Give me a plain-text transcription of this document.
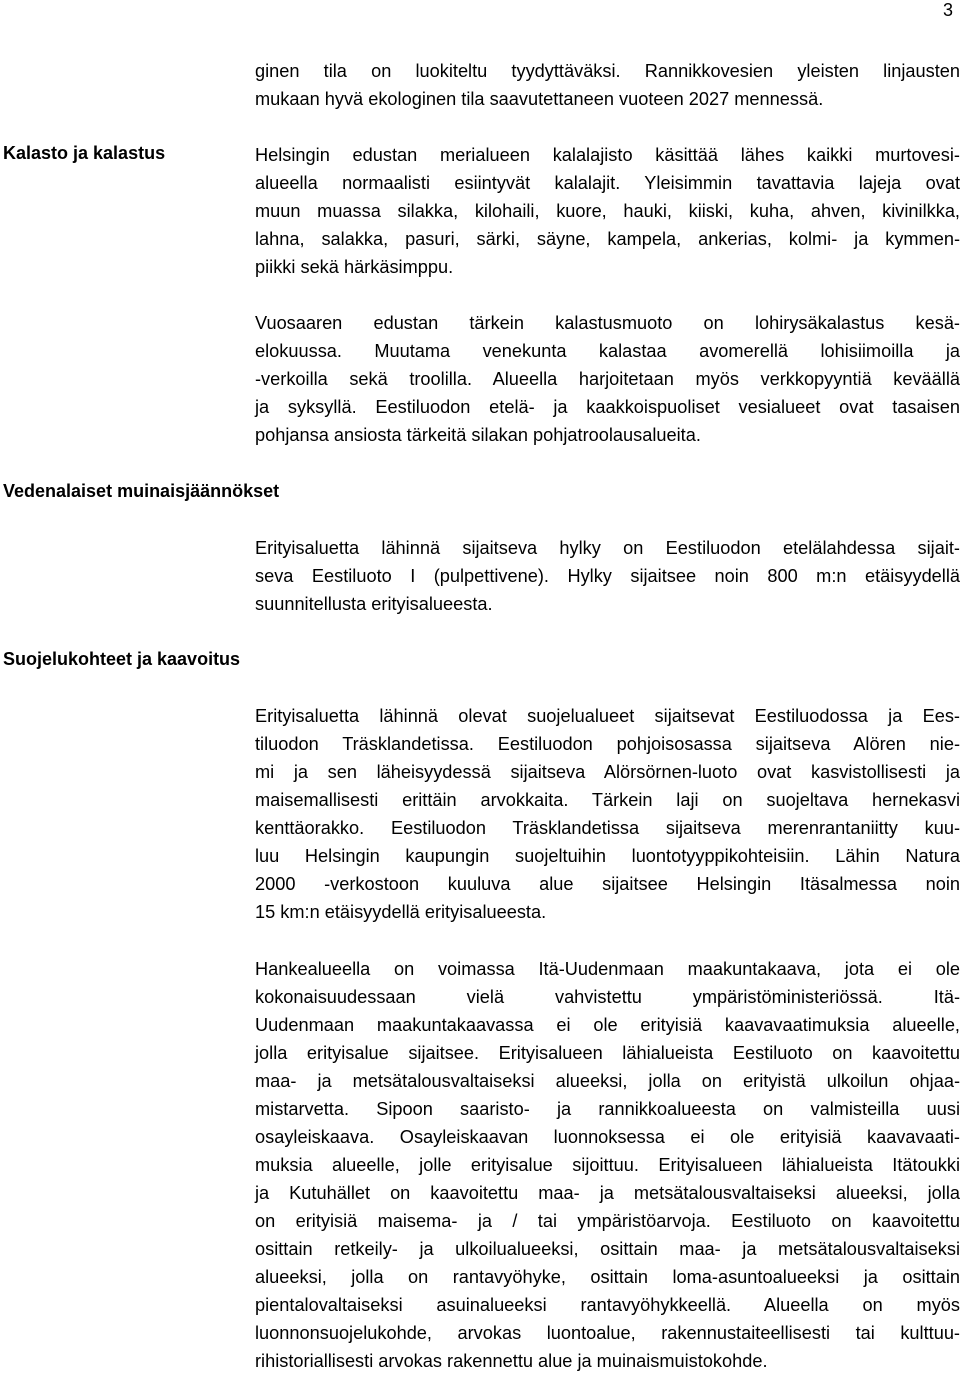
3
Kalasto ja kalastus
Vedenalaiset muinaisjäännökset
Suojelukohteet ja kaavoitus
ginen tila on luokiteltu tyydyttäväksi. Rannikkovesien yleisten linjausten
mukaan hyvä ekologinen tila saavutettaneen vuoteen 2027 mennessä.
Helsingin edustan merialueen kalalajisto käsittää lähes kaikki murtovesi-
alueella normaalisti esiintyvät kalalajit. Yleisimmin tavattavia lajeja ovat
muun muassa silakka, kilohaili, kuore, hauki, kiiski, kuha, ahven, kivinilkka,
lahna, salakka, pasuri, särki, säyne, kampela, ankerias, kolmi- ja kymmen-
piikki sekä härkäsimppu.
Vuosaaren edustan tärkein kalastusmuoto on lohirysäkalastus kesä-
elokuussa. Muutama venekunta kalastaa avomerellä lohisiimoilla ja
-verkoilla sekä troolilla. Alueella harjoitetaan myös verkkopyyntiä keväällä
ja syksyllä. Eestiluodon etelä- ja kaakkoispuoliset vesialueet ovat tasaisen
pohjansa ansiosta tärkeitä silakan pohjatroolausalueita.
Erityisaluetta lähinnä sijaitseva hylky on Eestiluodon etelälahdessa sijait-
seva Eestiluoto I (pulpettivene). Hylky sijaitsee noin 800 m:n etäisyydellä
suunnitellusta erityisalueesta.
Erityisaluetta lähinnä olevat suojelualueet sijaitsevat Eestiluodossa ja Ees-
tiluodon Träsklandetissa. Eestiluodon pohjoisosassa sijaitseva Alören nie-
mi ja sen läheisyydessä sijaitseva Alörsörnen-luoto ovat kasvistollisesti ja
maisemallisesti erittäin arvokkaita. Tärkein laji on suojeltava hernekasvi
kenttäorakko. Eestiluodon Träsklandetissa sijaitseva merenrantaniitty kuu-
luu Helsingin kaupungin suojeltuihin luontotyyppikohteisiin. Lähin Natura
2000 -verkostoon kuuluva alue sijaitsee Helsingin Itäsalmessa noin
15 km:n etäisyydellä erityisalueesta.
Hankealueella on voimassa Itä-Uudenmaan maakuntakaava, jota ei ole
kokonaisuudessaan vielä vahvistettu ympäristöministeriössä. Itä-
Uudenmaan maakuntakaavassa ei ole erityisiä kaavavaatimuksia alueelle,
jolla erityisalue sijaitsee. Erityisalueen lähialueista Eestiluoto on kaavoitettu
maa- ja metsätalousvaltaiseksi alueeksi, jolla on erityistä ulkoilun ohjaa-
mistarvetta. Sipoon saaristo- ja rannikkoalueesta on valmisteilla uusi
osayleiskaava. Osayleiskaavan luonnoksessa ei ole erityisiä kaavavaati-
muksia alueelle, jolle erityisalue sijoittuu. Erityisalueen lähialueista Itätoukki
ja Kutuhället on kaavoitettu maa- ja metsätalousvaltaiseksi alueeksi, jolla
on erityisiä maisema- ja / tai ympäristöarvoja. Eestiluoto on kaavoitettu
osittain retkeily- ja ulkoilualueeksi, osittain maa- ja metsätalousvaltaiseksi
alueeksi, jolla on rantavyöhyke, osittain loma-asuntoalueeksi ja osittain
pientalovaltaiseksi asuinalueeksi rantavyöhykkeellä. Alueella on myös
luonnonsuojelukohde, arvokas luontoalue, rakennustaiteellisesti tai kulttuu-
rihistoriallisesti arvokas rakennettu alue ja muinaismuistokohde.
